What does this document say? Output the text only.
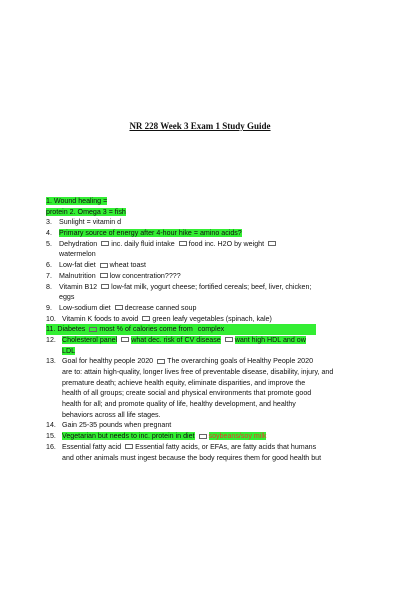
NR 228 Week 3 Exam 1 Study Guide
1. Wound healing =
protein 2. Omega 3 = fish
3. Sunlight = vitamin d
4. Primary source of energy after 4-hour hike = amino acids?
5. Dehydration inc. daily fluid intake food inc. H2O by weight
watermelon
6. Low-fat diet wheat toast
7. Malnutrition low concentration????
8. Vitamin B12 low-fat milk, yogurt cheese; fortified cereals; beef, liver, chicken;
eggs
9. Low-sodium diet decrease canned soup
10. Vitamin K foods to avoid green leafy vegetables (spinach, kale)
11. Diabetes most % of calories come from complex
12. Cholesterol panel what dec. risk of CV disease want high HDL and ow
LDL
13. Goal for healthy people 2020 The overarching goals of Healthy People 2020
are to: attain high-quality, longer lives free of preventable disease, disability, injury, and
premature death; achieve health equity, eliminate disparities, and improve the
health of all groups; create social and physical environments that promote good
health for all; and promote quality of life, healthy development, and healthy
behaviors across all life stages.
14. Gain 25-35 pounds when pregnant
15. Vegetarian but needs to inc. protein in diet soybeans/soy milk
16. Essential fatty acid Essential fatty acids, or EFAs, are fatty acids that humans
and other animals must ingest because the body requires them for good health but
